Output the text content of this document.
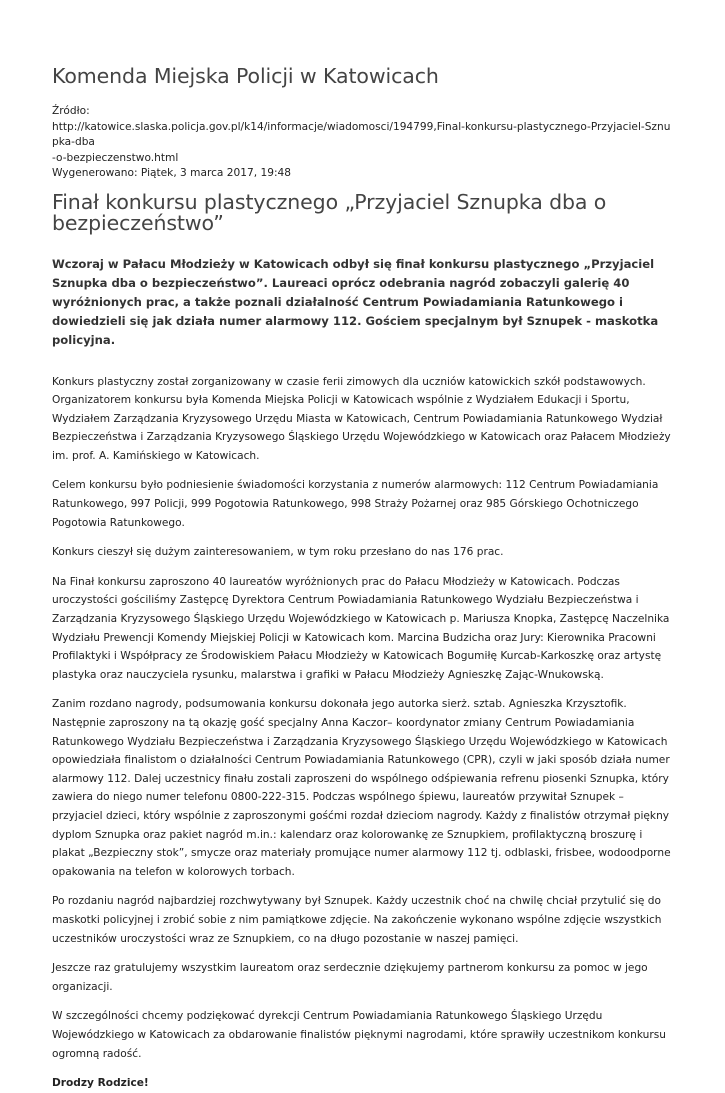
Komenda Miejska Policji w Katowicach
Źródło:
http://katowice.slaska.policja.gov.pl/k14/informacje/wiadomosci/194799,Final-konkursu-plastycznego-Przyjaciel-Sznupka-dba
-o-bezpieczenstwo.html
Wygenerowano: Piątek, 3 marca 2017, 19:48
Finał konkursu plastycznego „Przyjaciel Sznupka dba o bezpieczeństwo”

Wczoraj w Pałacu Młodzieży w Katowicach odbył się finał konkursu plastycznego „Przyjaciel Sznupka dba o bezpieczeństwo”. Laureaci oprócz odebrania nagród zobaczyli galerię 40 wyróżnionych prac, a także poznali działalność Centrum Powiadamiania Ratunkowego i dowiedzieli się jak działa numer alarmowy 112. Gościem specjalnym był Sznupek - maskotka policyjna.

Konkurs plastyczny został zorganizowany w czasie ferii zimowych dla uczniów katowickich szkół podstawowych. Organizatorem konkursu była Komenda Miejska Policji w Katowicach wspólnie z Wydziałem Edukacji i Sportu, Wydziałem Zarządzania Kryzysowego Urzędu Miasta w Katowicach, Centrum Powiadamiania Ratunkowego Wydział Bezpieczeństwa i Zarządzania Kryzysowego Śląskiego Urzędu Wojewódzkiego w Katowicach oraz Pałacem Młodzieży im. prof. A. Kamińskiego w Katowicach.

Celem konkursu było podniesienie świadomości korzystania z numerów alarmowych: 112 Centrum Powiadamiania Ratunkowego, 997 Policji, 999 Pogotowia Ratunkowego, 998 Straży Pożarnej oraz 985 Górskiego Ochotniczego Pogotowia Ratunkowego.

Konkurs cieszył się dużym zainteresowaniem, w tym roku przesłano do nas 176 prac.

Na Finał konkursu zaproszono 40 laureatów wyróżnionych prac do Pałacu Młodzieży w Katowicach. Podczas uroczystości gościliśmy Zastępcę Dyrektora Centrum Powiadamiania Ratunkowego Wydziału Bezpieczeństwa i Zarządzania Kryzysowego Śląskiego Urzędu Wojewódzkiego w Katowicach p. Mariusza Knopka, Zastępcę Naczelnika Wydziału Prewencji Komendy Miejskiej Policji w Katowicach kom. Marcina Budzicha oraz Jury: Kierownika Pracowni Profilaktyki i Współpracy ze Środowiskiem Pałacu Młodzieży w Katowicach Bogumiłę Kurcab-Karkoszkę oraz artystę plastyka oraz nauczyciela rysunku, malarstwa i grafiki w Pałacu Młodzieży Agnieszkę Zając-Wnukowską.

Zanim rozdano nagrody, podsumowania konkursu dokonała jego autorka sierż. sztab. Agnieszka Krzysztofik. Następnie zaproszony na tą okazję gość specjalny Anna Kaczor– koordynator zmiany Centrum Powiadamiania Ratunkowego Wydziału Bezpieczeństwa i Zarządzania Kryzysowego Śląskiego Urzędu Wojewódzkiego w Katowicach opowiedziała finalistom o działalności Centrum Powiadamiania Ratunkowego (CPR), czyli w jaki sposób działa numer alarmowy 112. Dalej uczestnicy finału zostali zaproszeni do wspólnego odśpiewania refrenu piosenki Sznupka, który zawiera do niego numer telefonu 0800-222-315. Podczas wspólnego śpiewu, laureatów przywitał Sznupek – przyjaciel dzieci, który wspólnie z zaproszonymi gośćmi rozdał dzieciom nagrody. Każdy z finalistów otrzymał piękny dyplom Sznupka oraz pakiet nagród m.in.: kalendarz oraz kolorowankę ze Sznupkiem, profilaktyczną broszurę i plakat „Bezpieczny stok”, smycze oraz materiały promujące numer alarmowy 112 tj. odblaski, frisbee, wodoodporne opakowania na telefon w kolorowych torbach.

Po rozdaniu nagród najbardziej rozchwytywany był Sznupek. Każdy uczestnik choć na chwilę chciał przytulić się do maskotki policyjnej i zrobić sobie z nim pamiątkowe zdjęcie. Na zakończenie wykonano wspólne zdjęcie wszystkich uczestników uroczystości wraz ze Sznupkiem, co na długo pozostanie w naszej pamięci.

Jeszcze raz gratulujemy wszystkim laureatom oraz serdecznie dziękujemy partnerom konkursu za pomoc w jego organizacji.

W szczególności chcemy podziękować dyrekcji Centrum Powiadamiania Ratunkowego Śląskiego Urzędu Wojewódzkiego w Katowicach za obdarowanie finalistów pięknymi nagrodami, które sprawiły uczestnikom konkursu ogromną radość.

Drodzy Rodzice!
